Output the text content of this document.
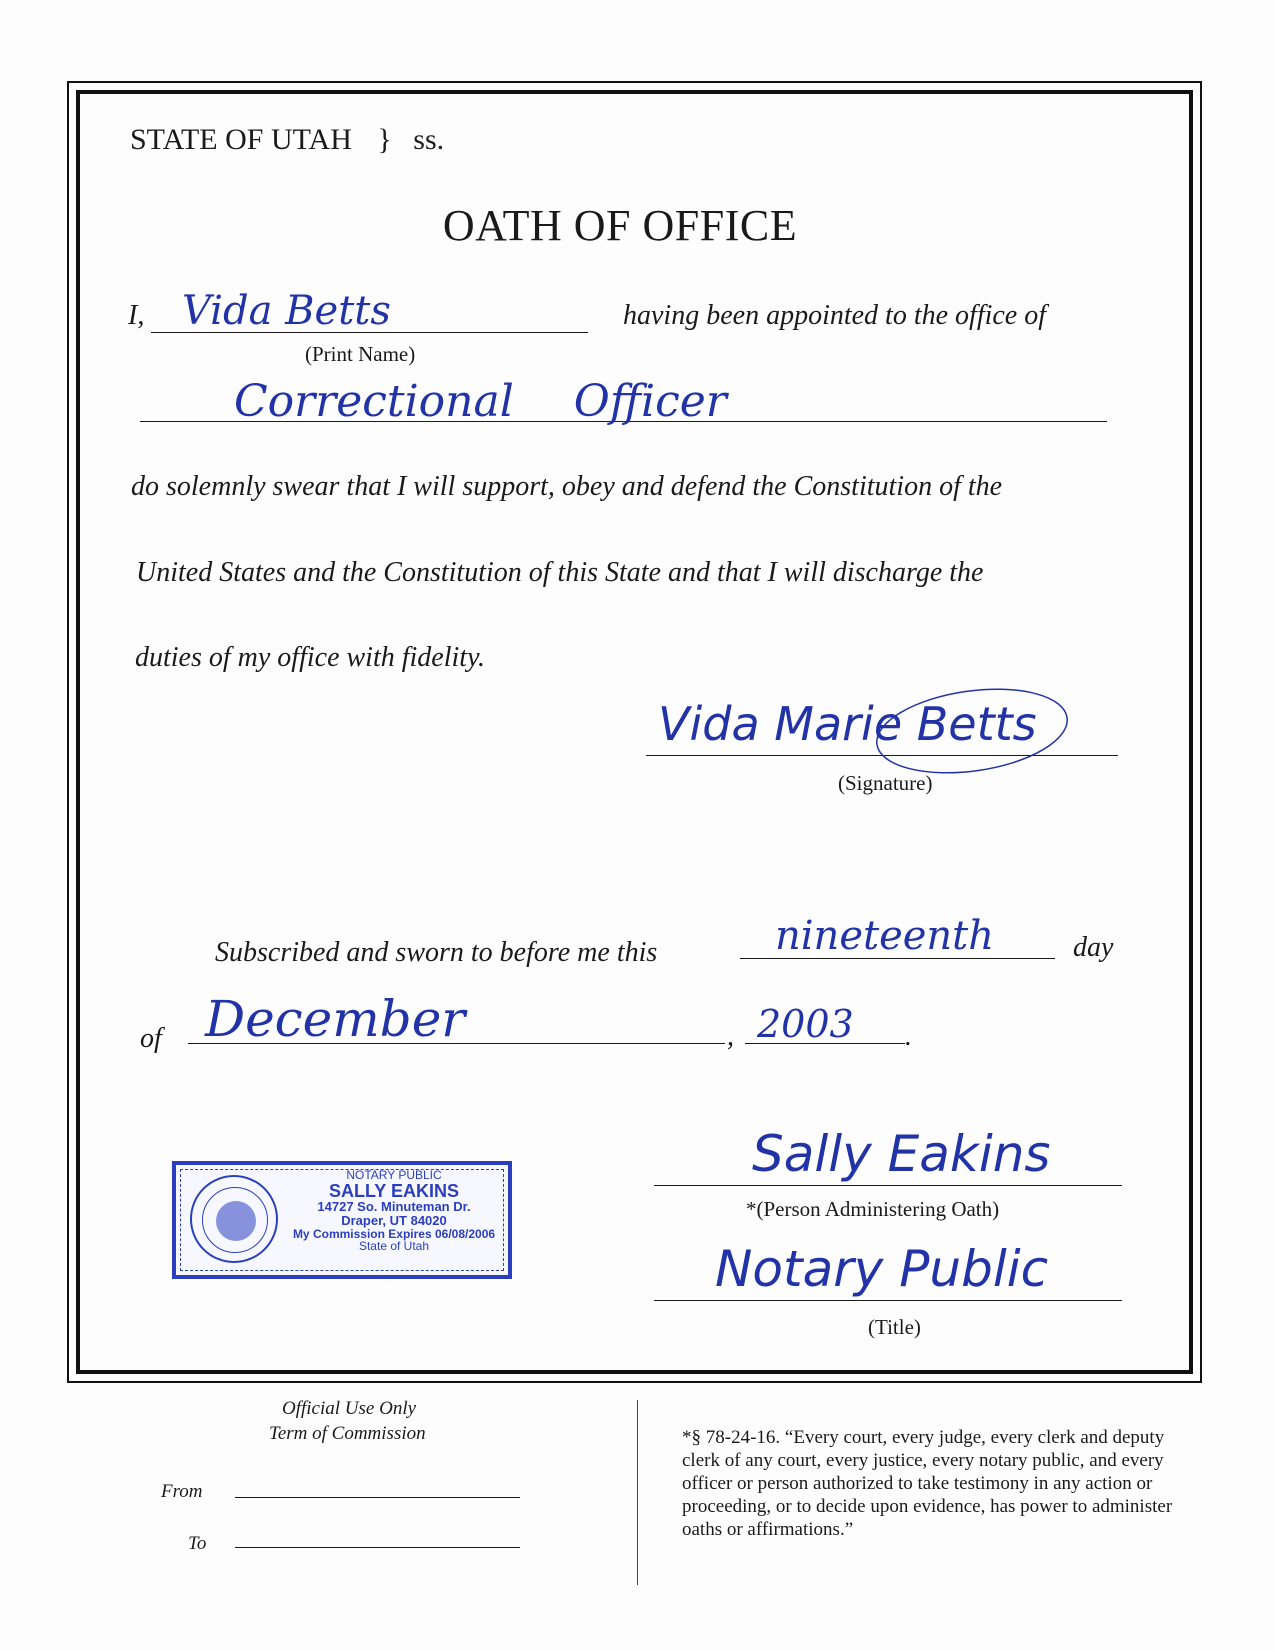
STATE OF UTAH } ss.
OATH OF OFFICE
I, Vida Betts
(Print Name)
having been appointed to the office of
Correctional Officer
do solemnly swear that I will support, obey and defend the Constitution of the
United States and the Constitution of this State and that I will discharge the
duties of my office with fidelity.
Vida Marie Betts
(Signature)
Subscribed and sworn to before me this	nineteenth	day
of December	, 2003 .
NOTARY PUBLIC
SALLY EAKINS
14727 So. Minuteman Dr.
Draper, UT 84020
My Commission Expires 06/08/2006
State of Utah
Sally Eakins
*(Person Administering Oath)
Notary Public
(Title)
Official Use Only
Term of Commission
From
To
*§ 78-24-16. “Every court, every judge, every clerk and deputy clerk of any court, every justice, every notary public, and every officer or person authorized to take testimony in any action or proceeding, or to decide upon evidence, has power to administer oaths or affirmations.”
